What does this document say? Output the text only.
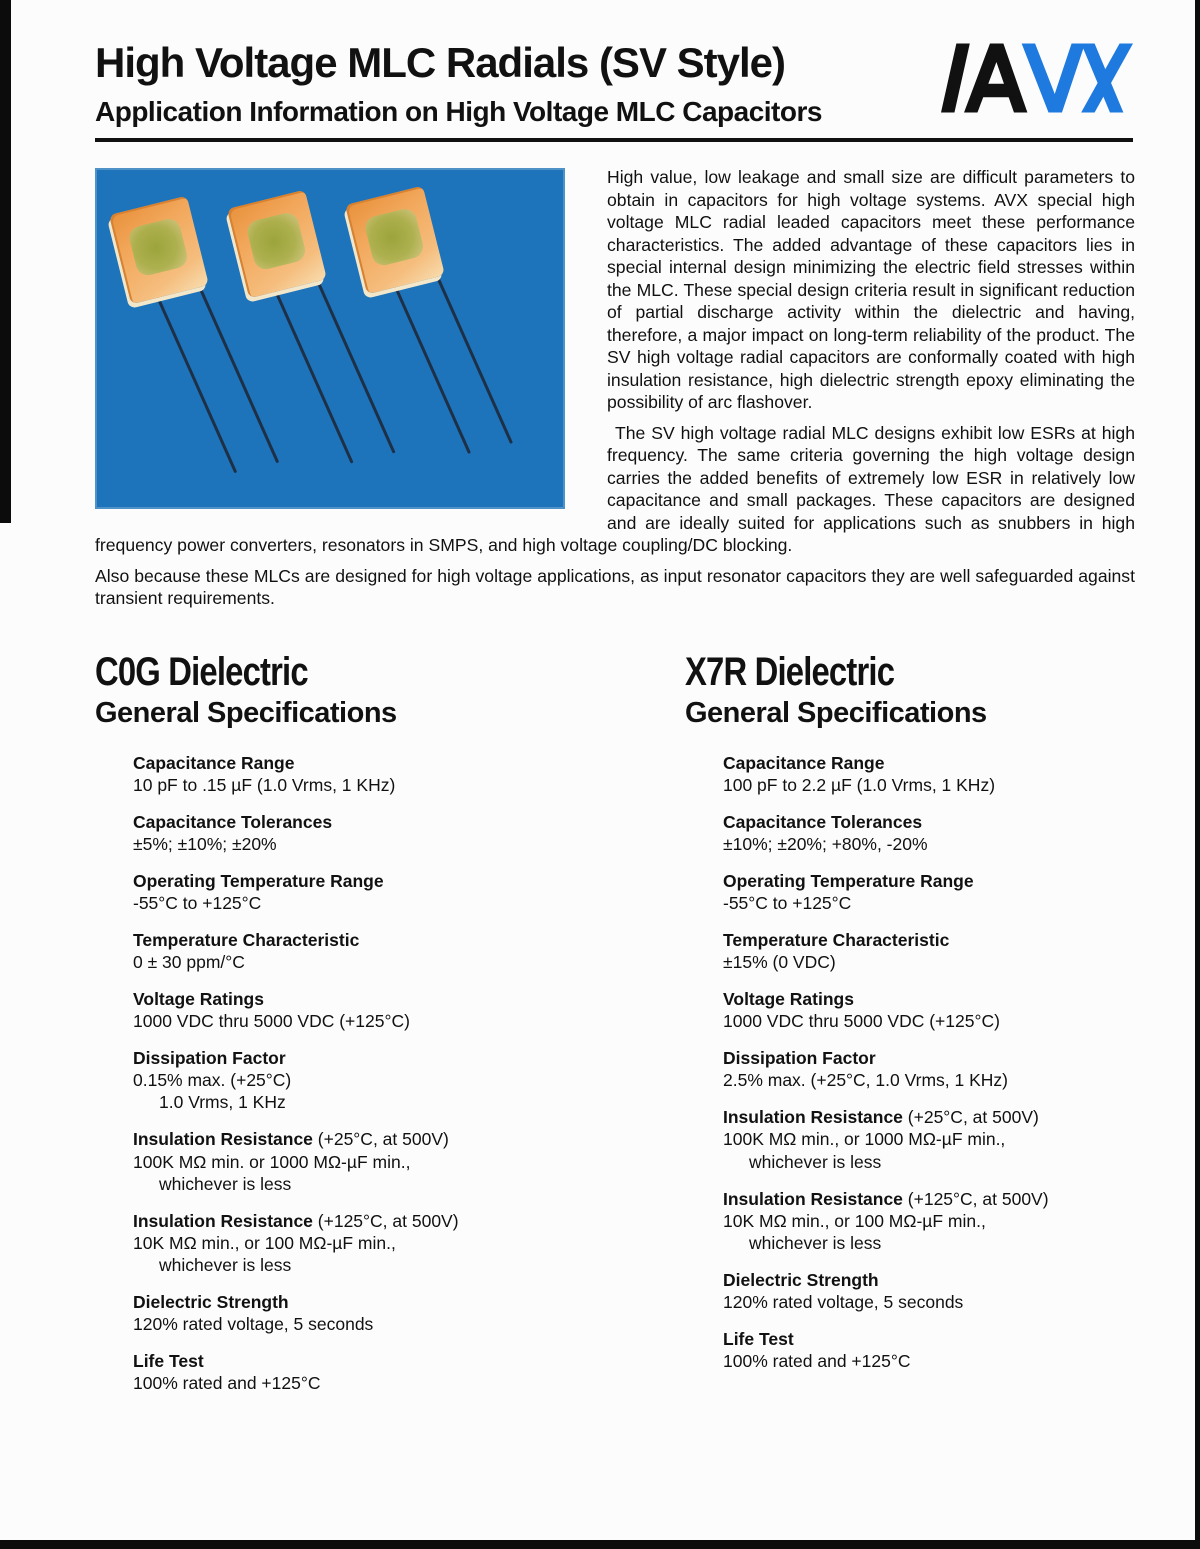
High Voltage MLC Radials (SV Style)
Application Information on High Voltage MLC Capacitors

High value, low leakage and small size are difficult parameters to obtain in capacitors for high voltage systems. AVX special high voltage MLC radial leaded capacitors meet these performance characteristics. The added advantage of these capacitors lies in special internal design minimizing the electric field stresses within the MLC. These special design criteria result in significant reduction of partial discharge activity within the dielectric and having, therefore, a major impact on long-term reliability of the product. The SV high voltage radial capacitors are conformally coated with high insulation resistance, high dielectric strength epoxy eliminating the possibility of arc flashover.

The SV high voltage radial MLC designs exhibit low ESRs at high frequency. The same criteria governing the high voltage design carries the added benefits of extremely low ESR in relatively low capacitance and small packages. These capacitors are designed and are ideally suited for applications such as snubbers in high frequency power converters, resonators in SMPS, and high voltage coupling/DC blocking.

Also because these MLCs are designed for high voltage applications, as input resonator capacitors they are well safeguarded against transient requirements.

C0G Dielectric
General Specifications
Capacitance Range
10 pF to .15 µF (1.0 Vrms, 1 KHz)
Capacitance Tolerances
±5%; ±10%; ±20%
Operating Temperature Range
-55°C to +125°C
Temperature Characteristic
0 ± 30 ppm/°C
Voltage Ratings
1000 VDC thru 5000 VDC (+125°C)
Dissipation Factor
0.15% max. (+25°C)
1.0 Vrms, 1 KHz
Insulation Resistance (+25°C, at 500V)
100K MΩ min. or 1000 MΩ-µF min.,
whichever is less
Insulation Resistance (+125°C, at 500V)
10K MΩ min., or 100 MΩ-µF min.,
whichever is less
Dielectric Strength
120% rated voltage, 5 seconds
Life Test
100% rated and +125°C
X7R Dielectric
General Specifications
Capacitance Range
100 pF to 2.2 µF (1.0 Vrms, 1 KHz)
Capacitance Tolerances
±10%; ±20%; +80%, -20%
Operating Temperature Range
-55°C to +125°C
Temperature Characteristic
±15% (0 VDC)
Voltage Ratings
1000 VDC thru 5000 VDC (+125°C)
Dissipation Factor
2.5% max. (+25°C, 1.0 Vrms, 1 KHz)
Insulation Resistance (+25°C, at 500V)
100K MΩ min., or 1000 MΩ-µF min.,
whichever is less
Insulation Resistance (+125°C, at 500V)
10K MΩ min., or 100 MΩ-µF min.,
whichever is less
Dielectric Strength
120% rated voltage, 5 seconds
Life Test
100% rated and +125°C
